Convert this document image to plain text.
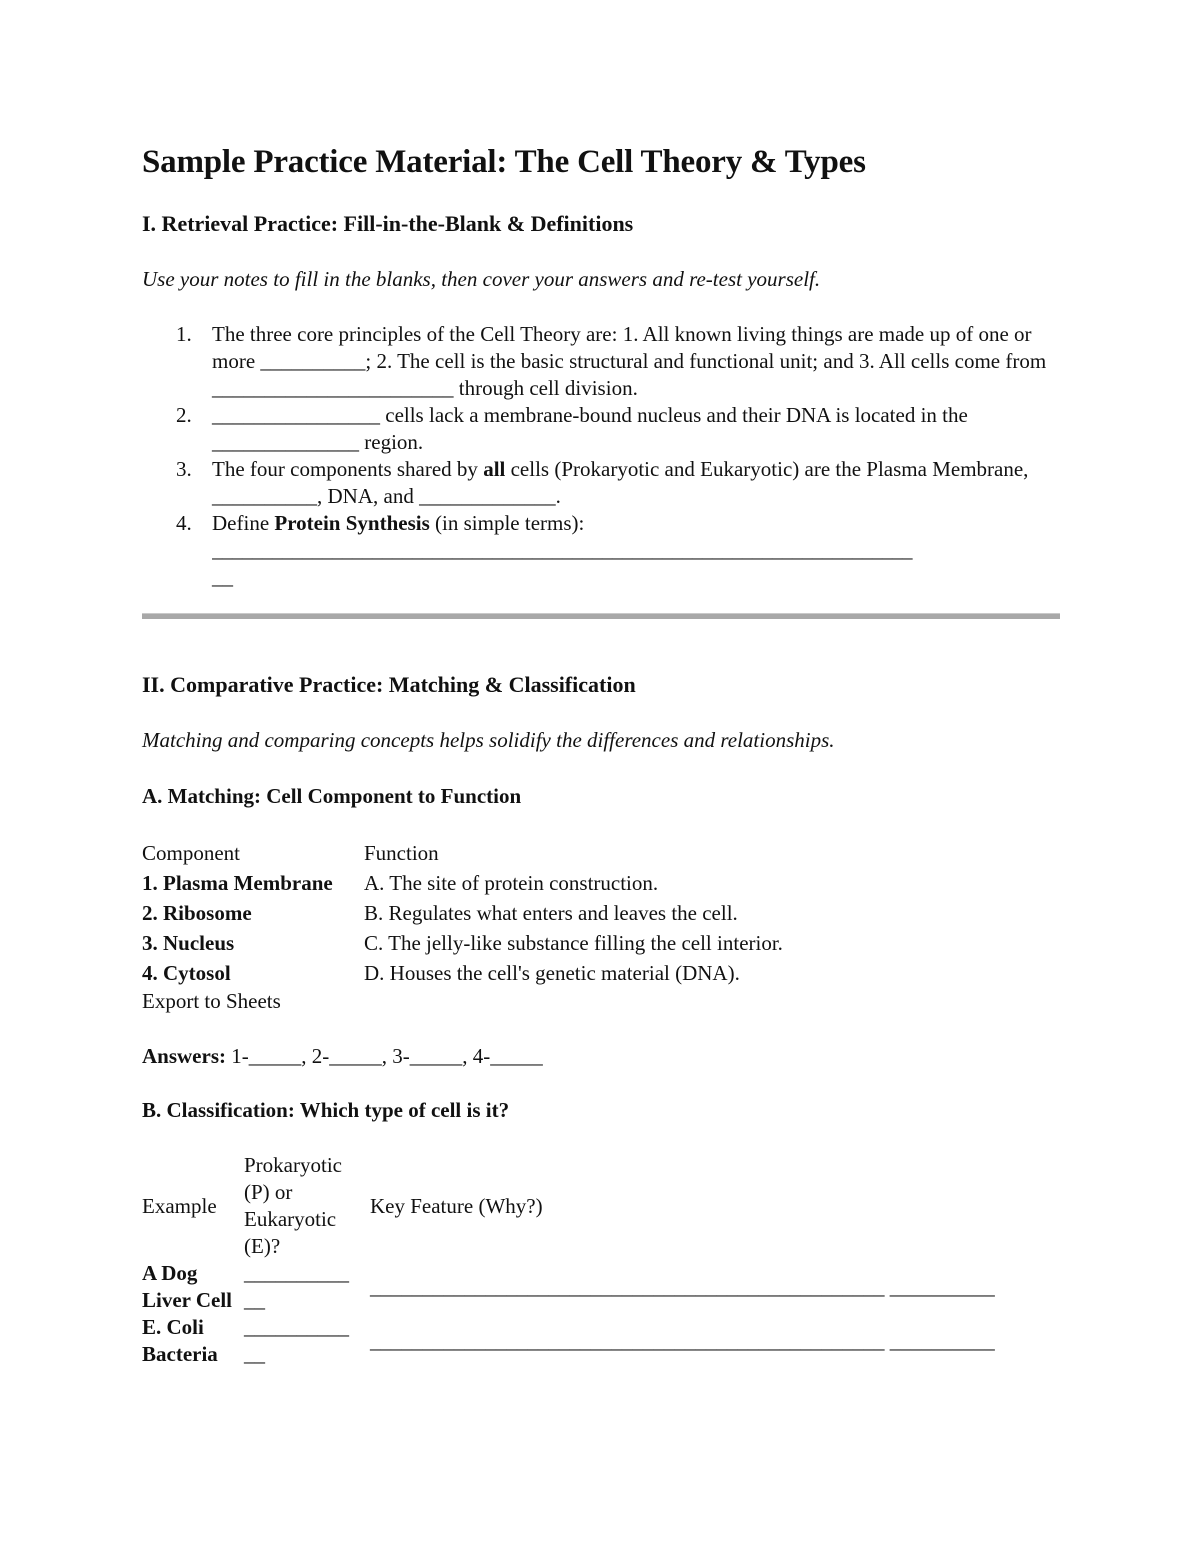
Sample Practice Material: The Cell Theory & Types
I. Retrieval Practice: Fill-in-the-Blank & Definitions

Use your notes to fill in the blanks, then cover your answers and re-test yourself.

1. The three core principles of the Cell Theory are: 1. All known living things are made up of one or more __________; 2. The cell is the basic structural and functional unit; and 3. All cells come from _______________________ through cell division.
2. ________________ cells lack a membrane-bound nucleus and their DNA is located in the ______________ region.
3. The four components shared by all cells (Prokaryotic and Eukaryotic) are the Plasma Membrane, __________, DNA, and _____________.
4. Define Protein Synthesis (in simple terms):
______________________________________________________________________
__
II. Comparative Practice: Matching & Classification

Matching and comparing concepts helps solidify the differences and relationships.

A. Matching: Cell Component to Function
Component	Function
1. Plasma Membrane	A. The site of protein construction.
2. Ribosome	B. Regulates what enters and leaves the cell.
3. Nucleus	C. The jelly-like substance filling the cell interior.
4. Cytosol	D. Houses the cell's genetic material (DNA).
Export to Sheets

Answers: 1-_____, 2-_____, 3-_____, 4-_____

B. Classification: Which type of cell is it?
Example	Prokaryotic (P) or Eukaryotic (E)?	Key Feature (Why?)
A Dog Liver Cell	__________ __	_________________________________________________ __________
E. Coli Bacteria	__________ __	_________________________________________________ __________
